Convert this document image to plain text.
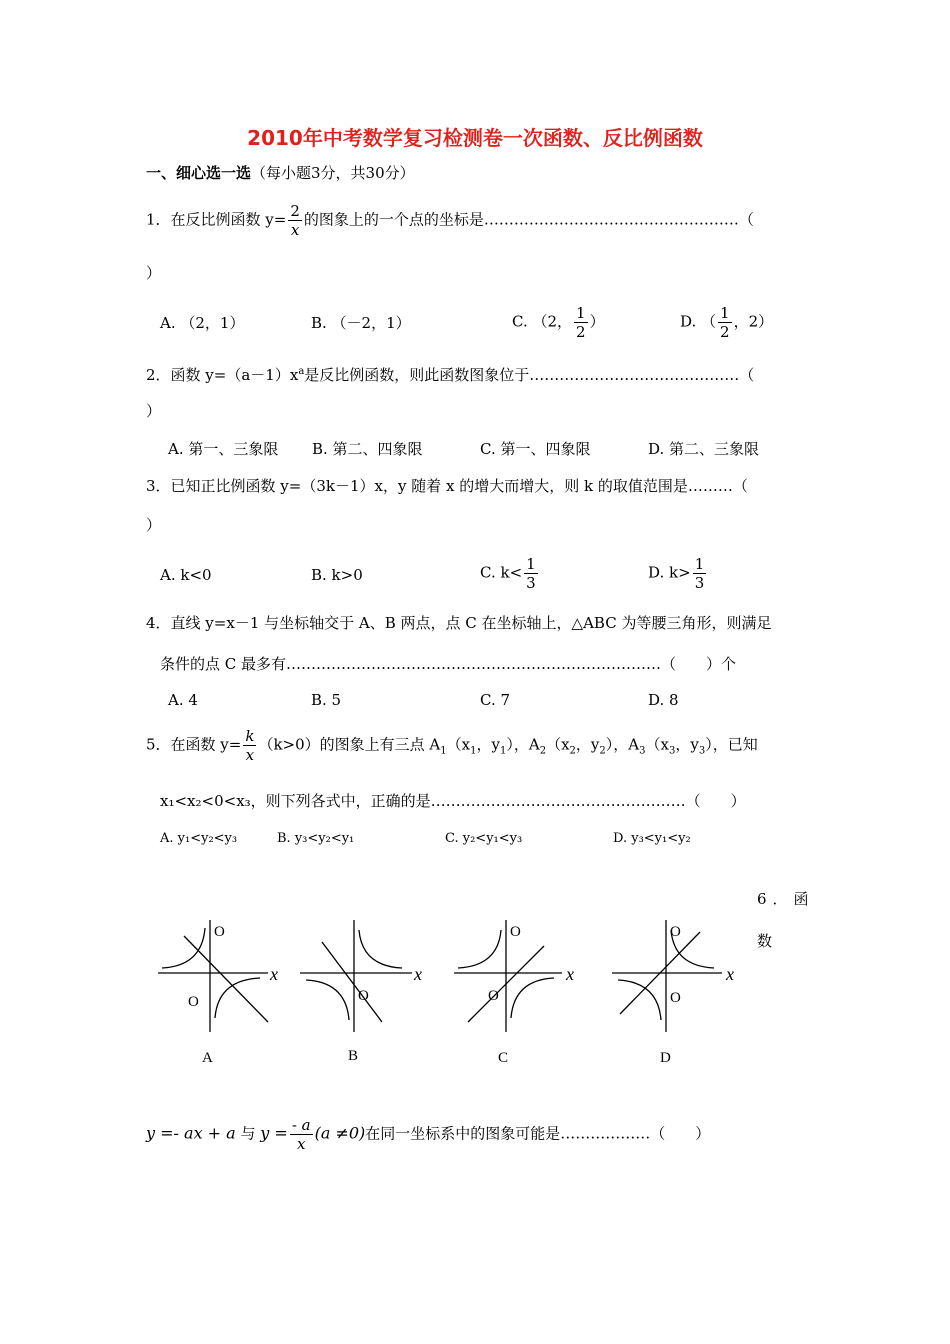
2010年中考数学复习检测卷一次函数、反比例函数
一、细心选一选（每小题3分，共30分）
1．在反比例函数 $y= \frac{2}{x}$ 的图象上的一个点的坐标是……………………………………………（
）
A. （2，1）	B. （－2，1）	C. （2， $\frac{1}{2}$ ）	D. （ $\frac{1}{2}$ ，2）
2．函数 $y=(a-1)x^a$是反比例函数，则此函数图象位于……………………………………（
）
A. 第一、三象限 B. 第二、四象限	C. 第一、四象限	D. 第二、三象限
3．已知正比例函数 y=（3k－1）x，y 随着 x 的增大而增大，则 k 的取值范围是………（
）
A. k<0	B. k>0	C. $k< \frac{1}{3}$	D. $k> \frac{1}{3}$
4．直线 y=x－1 与坐标轴交于 A、B 两点，点 C 在坐标轴上，△ABC 为等腰三角形，则满足
条件的点 C 最多有…………………………………………………………………（　　）个
A. 4	B. 5	C. 7	D. 8
5．在函数 $y= \frac{k}{x} (k>0)$的图象上有三点 $A_1(x_1$，$y_1$），$A_2(x_2$，$y_2$），$A_3(x_3$，$y_3$），已知
x₁<x₂<0<x₃，则下列各式中，正确的是……………………………………………（　　）
A. y₁<y₂<y₃	B. y₃<y₂<y₁	C. y₂<y₁<y₃	D. y₃<y₁<y₂
6．函
数
O
O
x
A
O
x
B
O
O
x
C
O
O
x
D
y =- ax + a 与 $y = \frac{- a}{x} (a \ne 0)$在同一坐标系中的图象可能是………………（　　）
